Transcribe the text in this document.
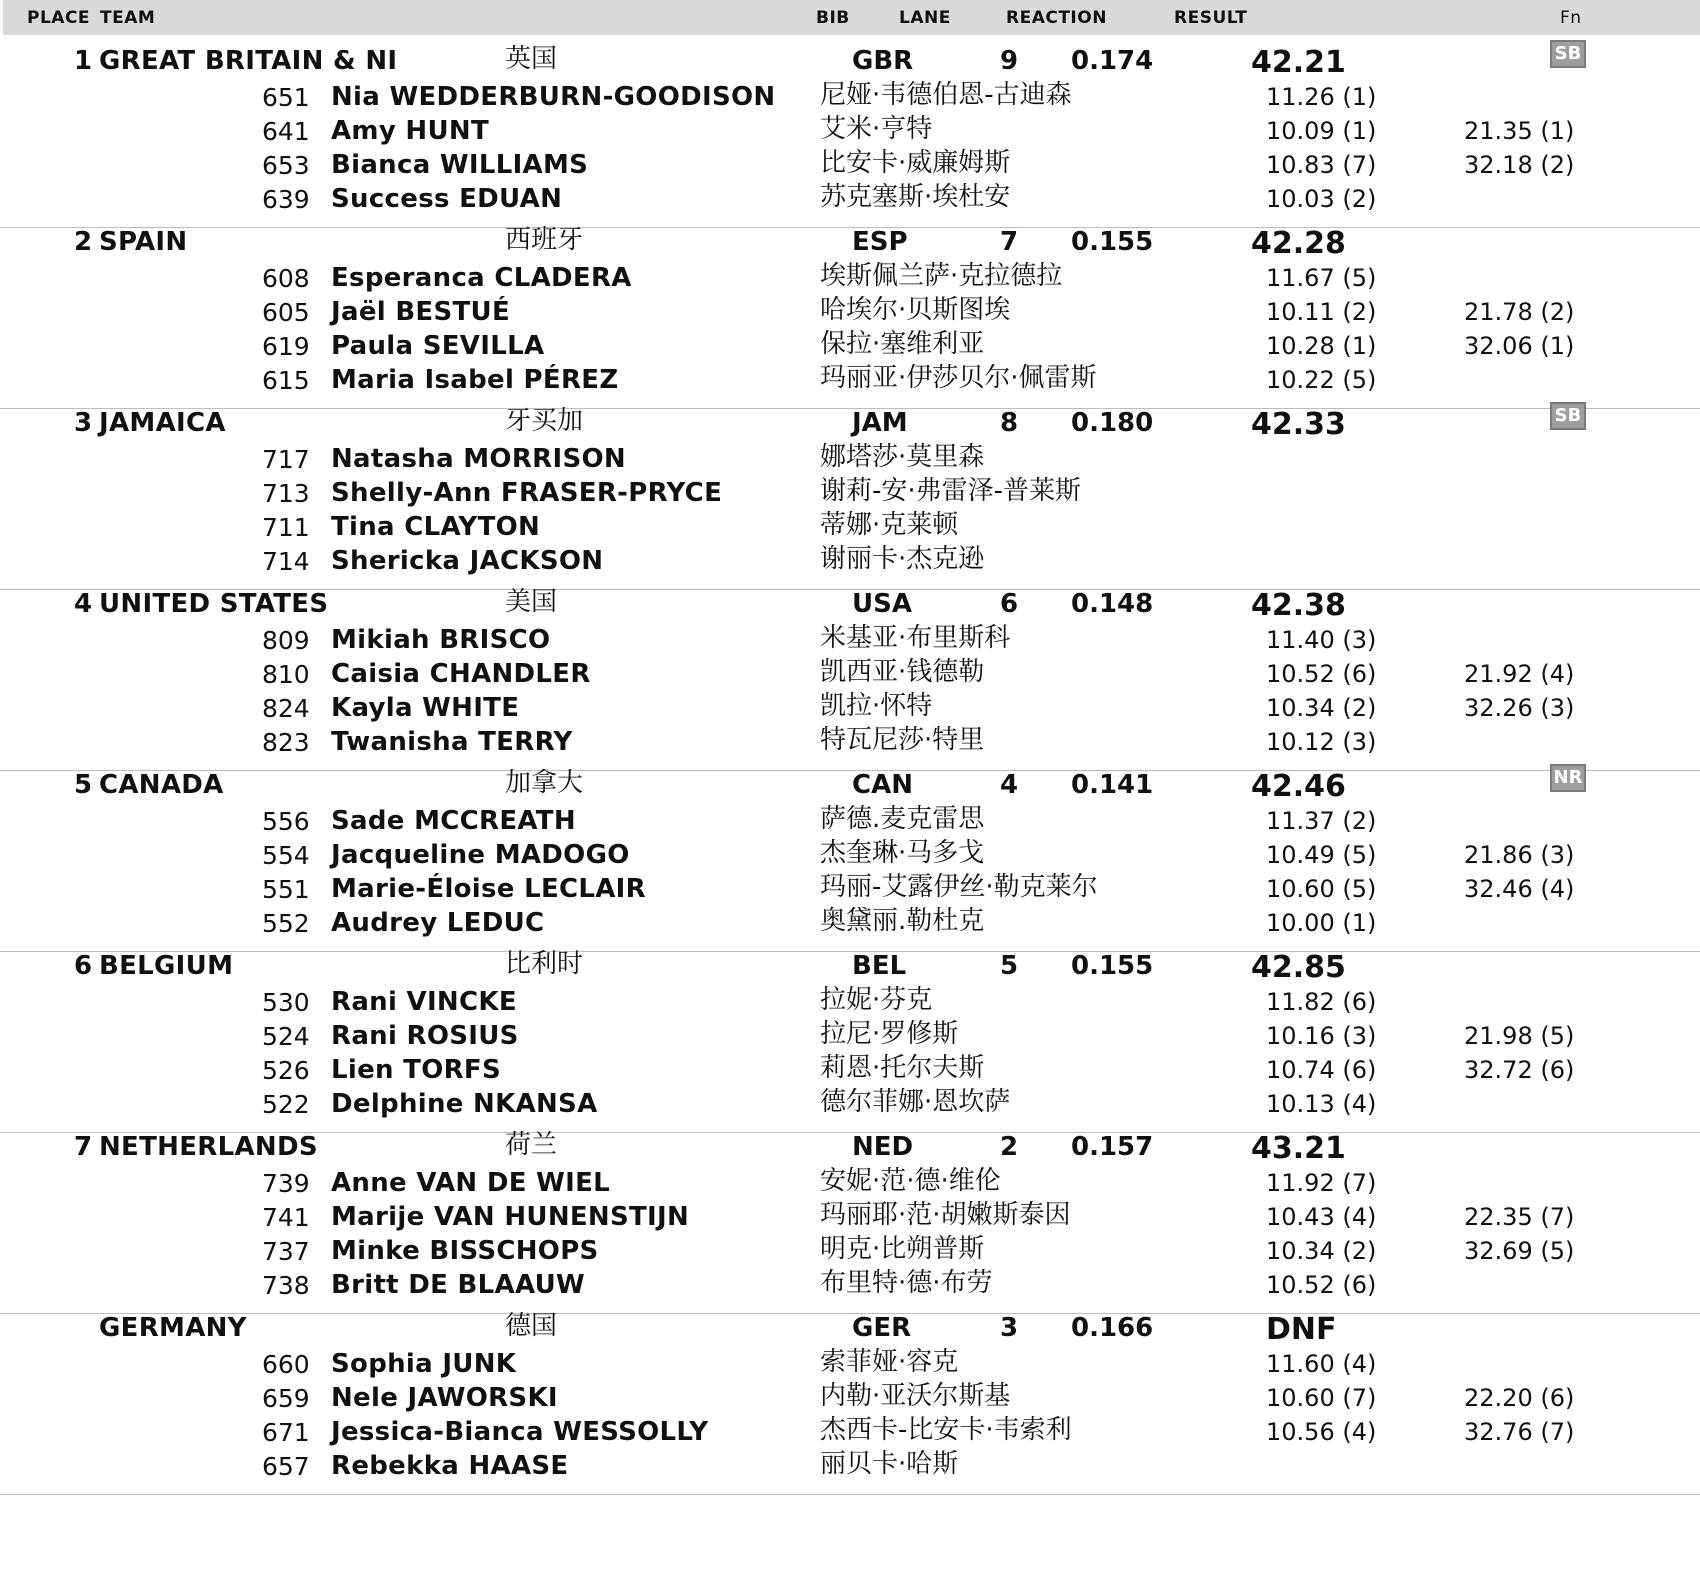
PLACE TEAM	BIB	LANE	REACTION	RESULT	Fn
1 GREAT BRITAIN & NI	英国	GBR	9 0.174	42.21	SB
651 Nia WEDDERBURN-GOODISON 尼娅·韦德伯恩-古迪森	11.26 (1)
641 Amy HUNT	艾米·亨特	10.09 (1)	21.35 (1)
653 Bianca WILLIAMS	比安卡·威廉姆斯	10.83 (7)	32.18 (2)
639 Success EDUAN	苏克塞斯·埃杜安	10.03 (2)
2 SPAIN	西班牙	ESP	7 0.155	42.28
608 Esperanca CLADERA	埃斯佩兰萨·克拉德拉	11.67 (5)
605 Jaël BESTUÉ	哈埃尔·贝斯图埃	10.11 (2)	21.78 (2)
619 Paula SEVILLA	保拉·塞维利亚	10.28 (1)	32.06 (1)
615 Maria Isabel PÉREZ	玛丽亚·伊莎贝尔·佩雷斯	10.22 (5)
3 JAMAICA	牙买加	JAM	8 0.180	42.33	SB
717 Natasha MORRISON	娜塔莎·莫里森
713 Shelly-Ann FRASER-PRYCE	谢莉-安·弗雷泽-普莱斯
711 Tina CLAYTON	蒂娜·克莱顿
714 Shericka JACKSON	谢丽卡·杰克逊
4 UNITED STATES	美国	USA	6 0.148	42.38
809 Mikiah BRISCO	米基亚·布里斯科	11.40 (3)
810 Caisia CHANDLER	凯西亚·钱德勒	10.52 (6)	21.92 (4)
824 Kayla WHITE	凯拉·怀特	10.34 (2)	32.26 (3)
823 Twanisha TERRY	特瓦尼莎·特里	10.12 (3)
5 CANADA	加拿大	CAN	4 0.141	42.46	NR
556 Sade MCCREATH	萨德.麦克雷思	11.37 (2)
554 Jacqueline MADOGO	杰奎琳·马多戈	10.49 (5)	21.86 (3)
551 Marie-Éloise LECLAIR	玛丽-艾露伊丝·勒克莱尔	10.60 (5)	32.46 (4)
552 Audrey LEDUC	奥黛丽.勒杜克	10.00 (1)
6 BELGIUM	比利时	BEL	5 0.155	42.85
530 Rani VINCKE	拉妮·芬克	11.82 (6)
524 Rani ROSIUS	拉尼·罗修斯	10.16 (3)	21.98 (5)
526 Lien TORFS	莉恩·托尔夫斯	10.74 (6)	32.72 (6)
522 Delphine NKANSA	德尔菲娜·恩坎萨	10.13 (4)
7 NETHERLANDS	荷兰	NED	2 0.157	43.21
739 Anne VAN DE WIEL	安妮·范·德·维伦	11.92 (7)
741 Marije VAN HUNENSTIJN	玛丽耶·范·胡嫩斯泰因	10.43 (4)	22.35 (7)
737 Minke BISSCHOPS	明克·比朔普斯	10.34 (2)	32.69 (5)
738 Britt DE BLAAUW	布里特·德·布劳	10.52 (6)
GERMANY	德国	GER	3 0.166	DNF
660 Sophia JUNK	索菲娅·容克	11.60 (4)
659 Nele JAWORSKI	内勒·亚沃尔斯基	10.60 (7)	22.20 (6)
671 Jessica-Bianca WESSOLLY	杰西卡-比安卡·韦索利	10.56 (4)	32.76 (7)
657 Rebekka HAASE	丽贝卡·哈斯
